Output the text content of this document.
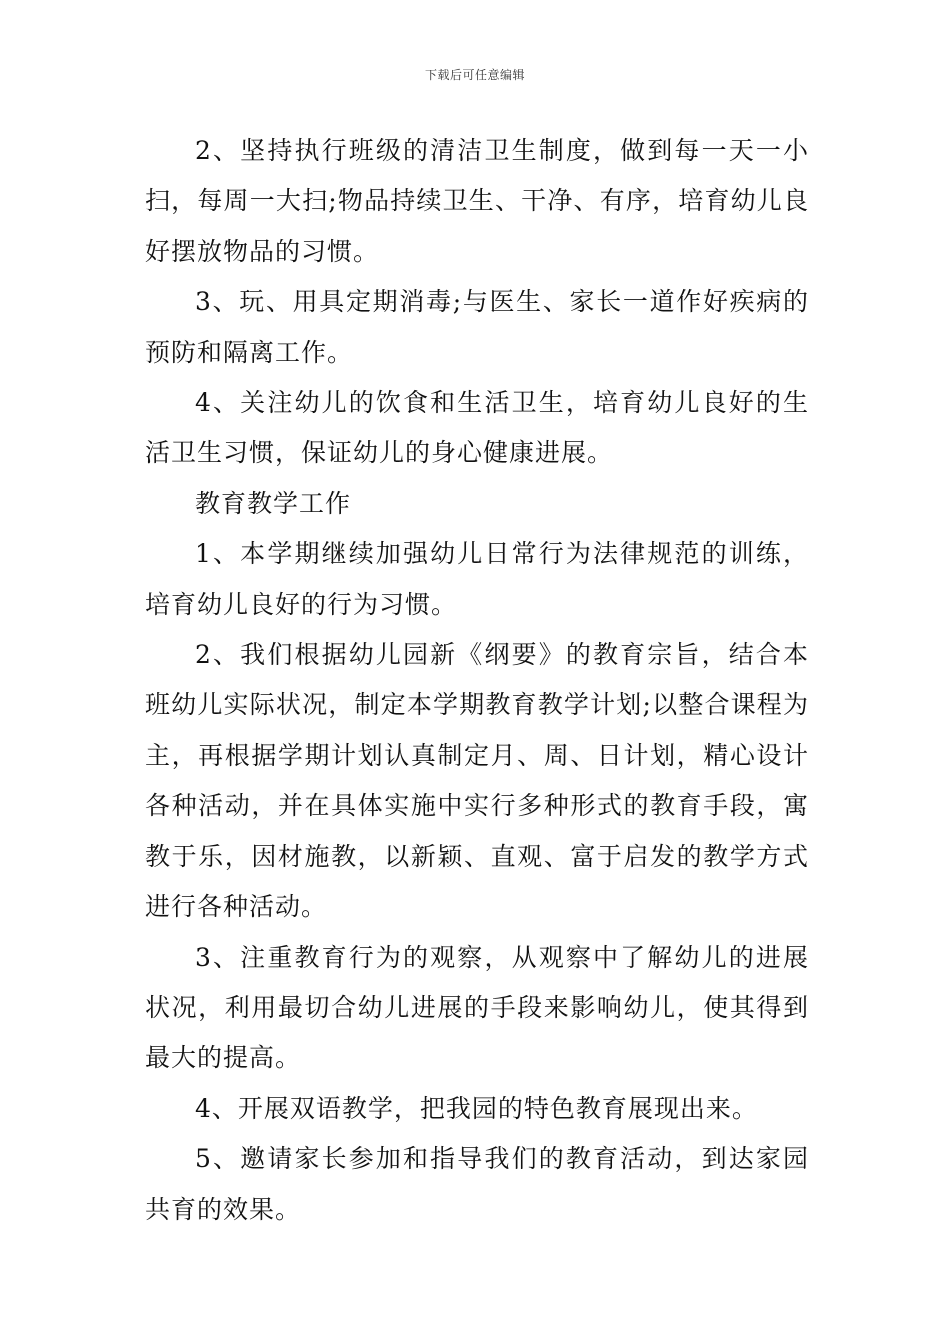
下载后可任意编辑

2、坚持执行班级的清洁卫生制度，做到每一天一小扫，每周一大扫;物品持续卫生、干净、有序，培育幼儿良好摆放物品的习惯。

3、玩、用具定期消毒;与医生、家长一道作好疾病的预防和隔离工作。

4、关注幼儿的饮食和生活卫生，培育幼儿良好的生活卫生习惯，保证幼儿的身心健康进展。

教育教学工作

1、本学期继续加强幼儿日常行为法律规范的训练，培育幼儿良好的行为习惯。

2、我们根据幼儿园新《纲要》的教育宗旨，结合本班幼儿实际状况，制定本学期教育教学计划;以整合课程为主，再根据学期计划认真制定月、周、日计划，精心设计各种活动，并在具体实施中实行多种形式的教育手段，寓教于乐，因材施教，以新颖、直观、富于启发的教学方式进行各种活动。

3、注重教育行为的观察，从观察中了解幼儿的进展状况，利用最切合幼儿进展的手段来影响幼儿，使其得到最大的提高。

4、开展双语教学，把我园的特色教育展现出来。

5、邀请家长参加和指导我们的教育活动，到达家园共育的效果。
